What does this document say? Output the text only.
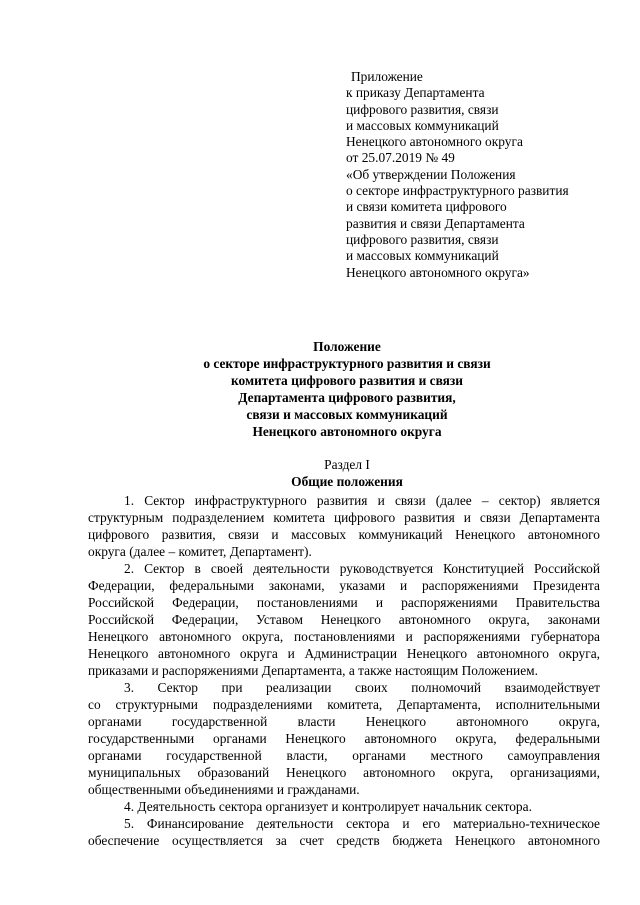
Приложение
к приказу Департамента
цифрового развития, связи
и массовых коммуникаций
Ненецкого автономного округа
от 25.07.2019 № 49
«Об утверждении Положения
о секторе инфраструктурного развития
и связи комитета цифрового
развития и связи Департамента
цифрового развития, связи
и массовых коммуникаций
Ненецкого автономного округа»
Положение
о секторе инфраструктурного развития и связи
комитета цифрового развития и связи
Департамента цифрового развития,
связи и массовых коммуникаций
Ненецкого автономного округа
Раздел I
Общие положения
1. Сектор инфраструктурного развития и связи (далее – сектор) является
структурным подразделением комитета цифрового развития и связи Департамента
цифрового развития, связи и массовых коммуникаций Ненецкого автономного
округа (далее – комитет, Департамент).
2. Сектор в своей деятельности руководствуется Конституцией Российской
Федерации, федеральными законами, указами и распоряжениями Президента
Российской Федерации, постановлениями и распоряжениями Правительства
Российской Федерации, Уставом Ненецкого автономного округа, законами
Ненецкого автономного округа, постановлениями и распоряжениями губернатора
Ненецкого автономного округа и Администрации Ненецкого автономного округа,
приказами и распоряжениями Департамента, а также настоящим Положением.
3. Сектор при реализации своих полномочий взаимодействует
со структурными подразделениями комитета, Департамента, исполнительными
органами государственной власти Ненецкого автономного округа,
государственными органами Ненецкого автономного округа, федеральными
органами государственной власти, органами местного самоуправления
муниципальных образований Ненецкого автономного округа, организациями,
общественными объединениями и гражданами.
4. Деятельность сектора организует и контролирует начальник сектора.
5. Финансирование деятельности сектора и его материально-техническое
обеспечение осуществляется за счет средств бюджета Ненецкого автономного
